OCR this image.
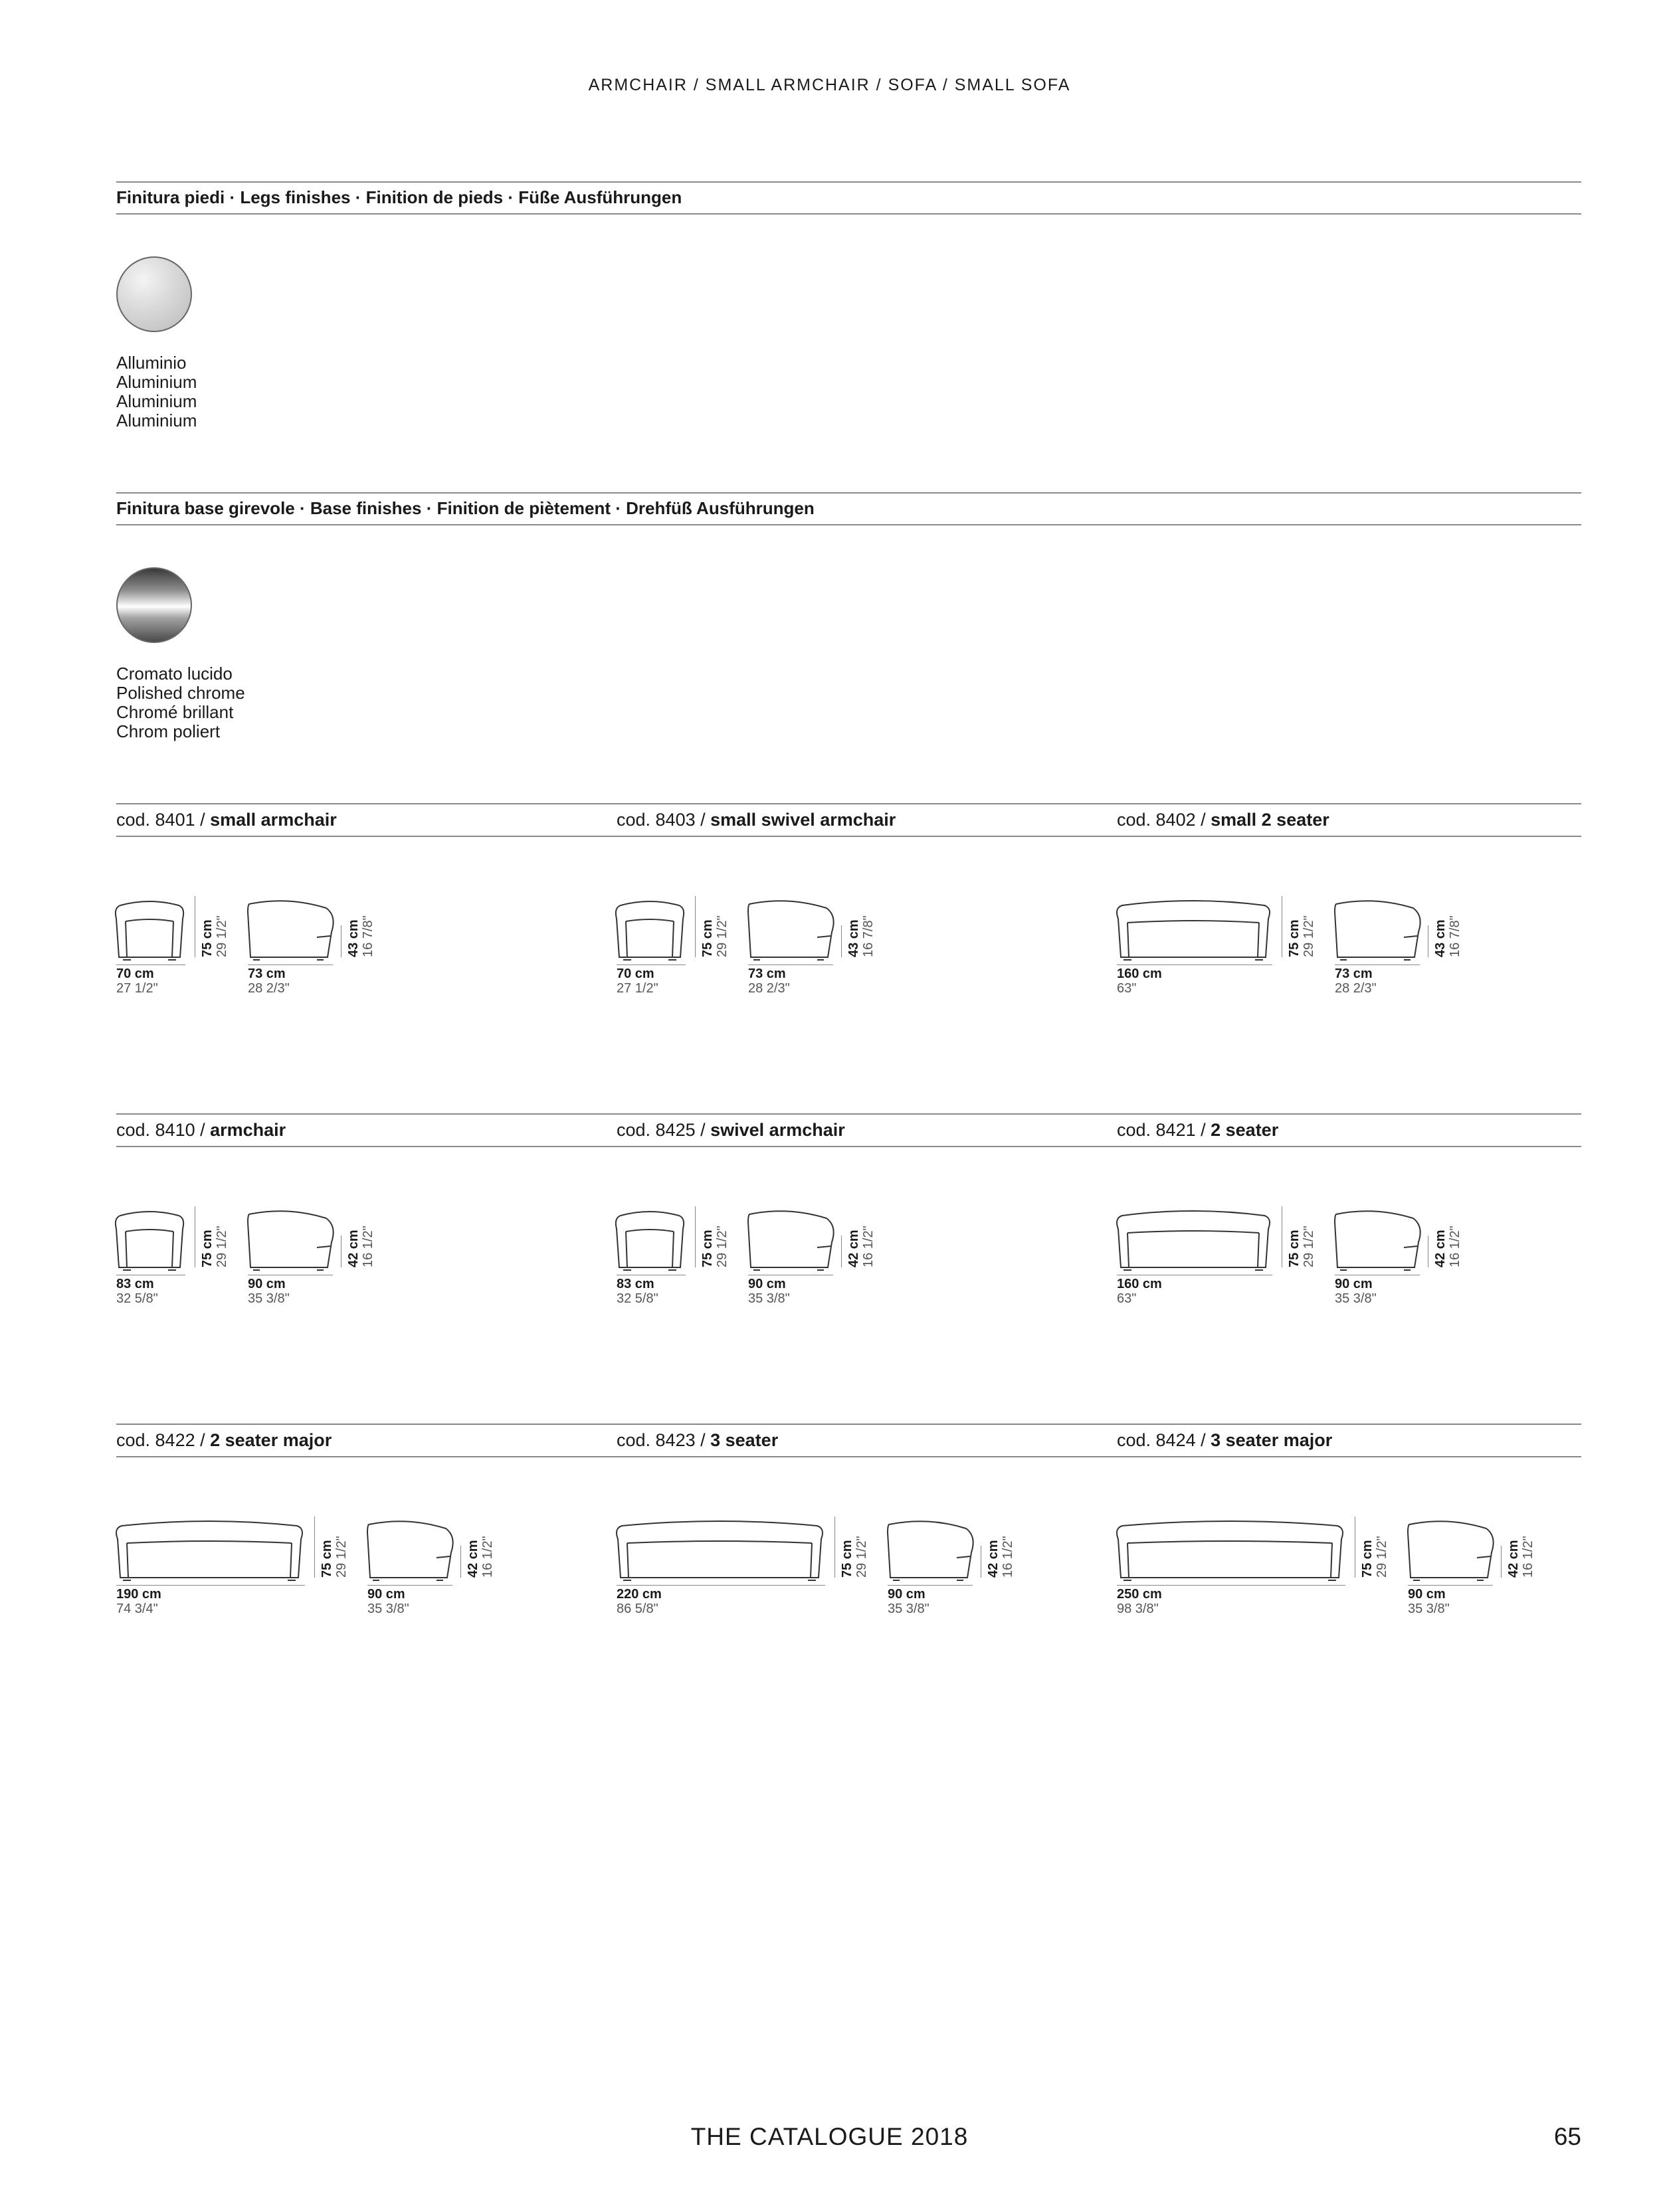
ARMCHAIR / SMALL ARMCHAIR / SOFA / SMALL SOFA
Finitura piedi · Legs finishes · Finition de pieds · Füße Ausführungen
Alluminio
Aluminium
Aluminium
Aluminium
Finitura base girevole · Base finishes · Finition de piètement · Drehfüß Ausführungen
Cromato lucido
Polished chrome
Chromé brillant
Chrom poliert
cod. 8401 / small armchair
70 cm
27 1/2"
75 cm
29 1/2"
73 cm
28 2/3"
43 cm
16 7/8"
cod. 8403 / small swivel armchair
70 cm
27 1/2"
75 cm
29 1/2"
73 cm
28 2/3"
43 cm
16 7/8"
cod. 8402 / small 2 seater
160 cm
63"
75 cm
29 1/2"
73 cm
28 2/3"
43 cm
16 7/8"
cod. 8410 / armchair
83 cm
32 5/8"
75 cm
29 1/2"
90 cm
35 3/8"
42 cm
16 1/2"
cod. 8425 / swivel armchair
83 cm
32 5/8"
75 cm
29 1/2"
90 cm
35 3/8"
42 cm
16 1/2"
cod. 8421 / 2 seater
160 cm
63"
75 cm
29 1/2"
90 cm
35 3/8"
42 cm
16 1/2"
cod. 8422 / 2 seater major
190 cm
74 3/4"
75 cm
29 1/2"
90 cm
35 3/8"
42 cm
16 1/2"
cod. 8423 / 3 seater
220 cm
86 5/8"
75 cm
29 1/2"
90 cm
35 3/8"
42 cm
16 1/2"
cod. 8424 / 3 seater major
250 cm
98 3/8"
75 cm
29 1/2"
90 cm
35 3/8"
42 cm
16 1/2"
THE CATALOGUE 2018	65
